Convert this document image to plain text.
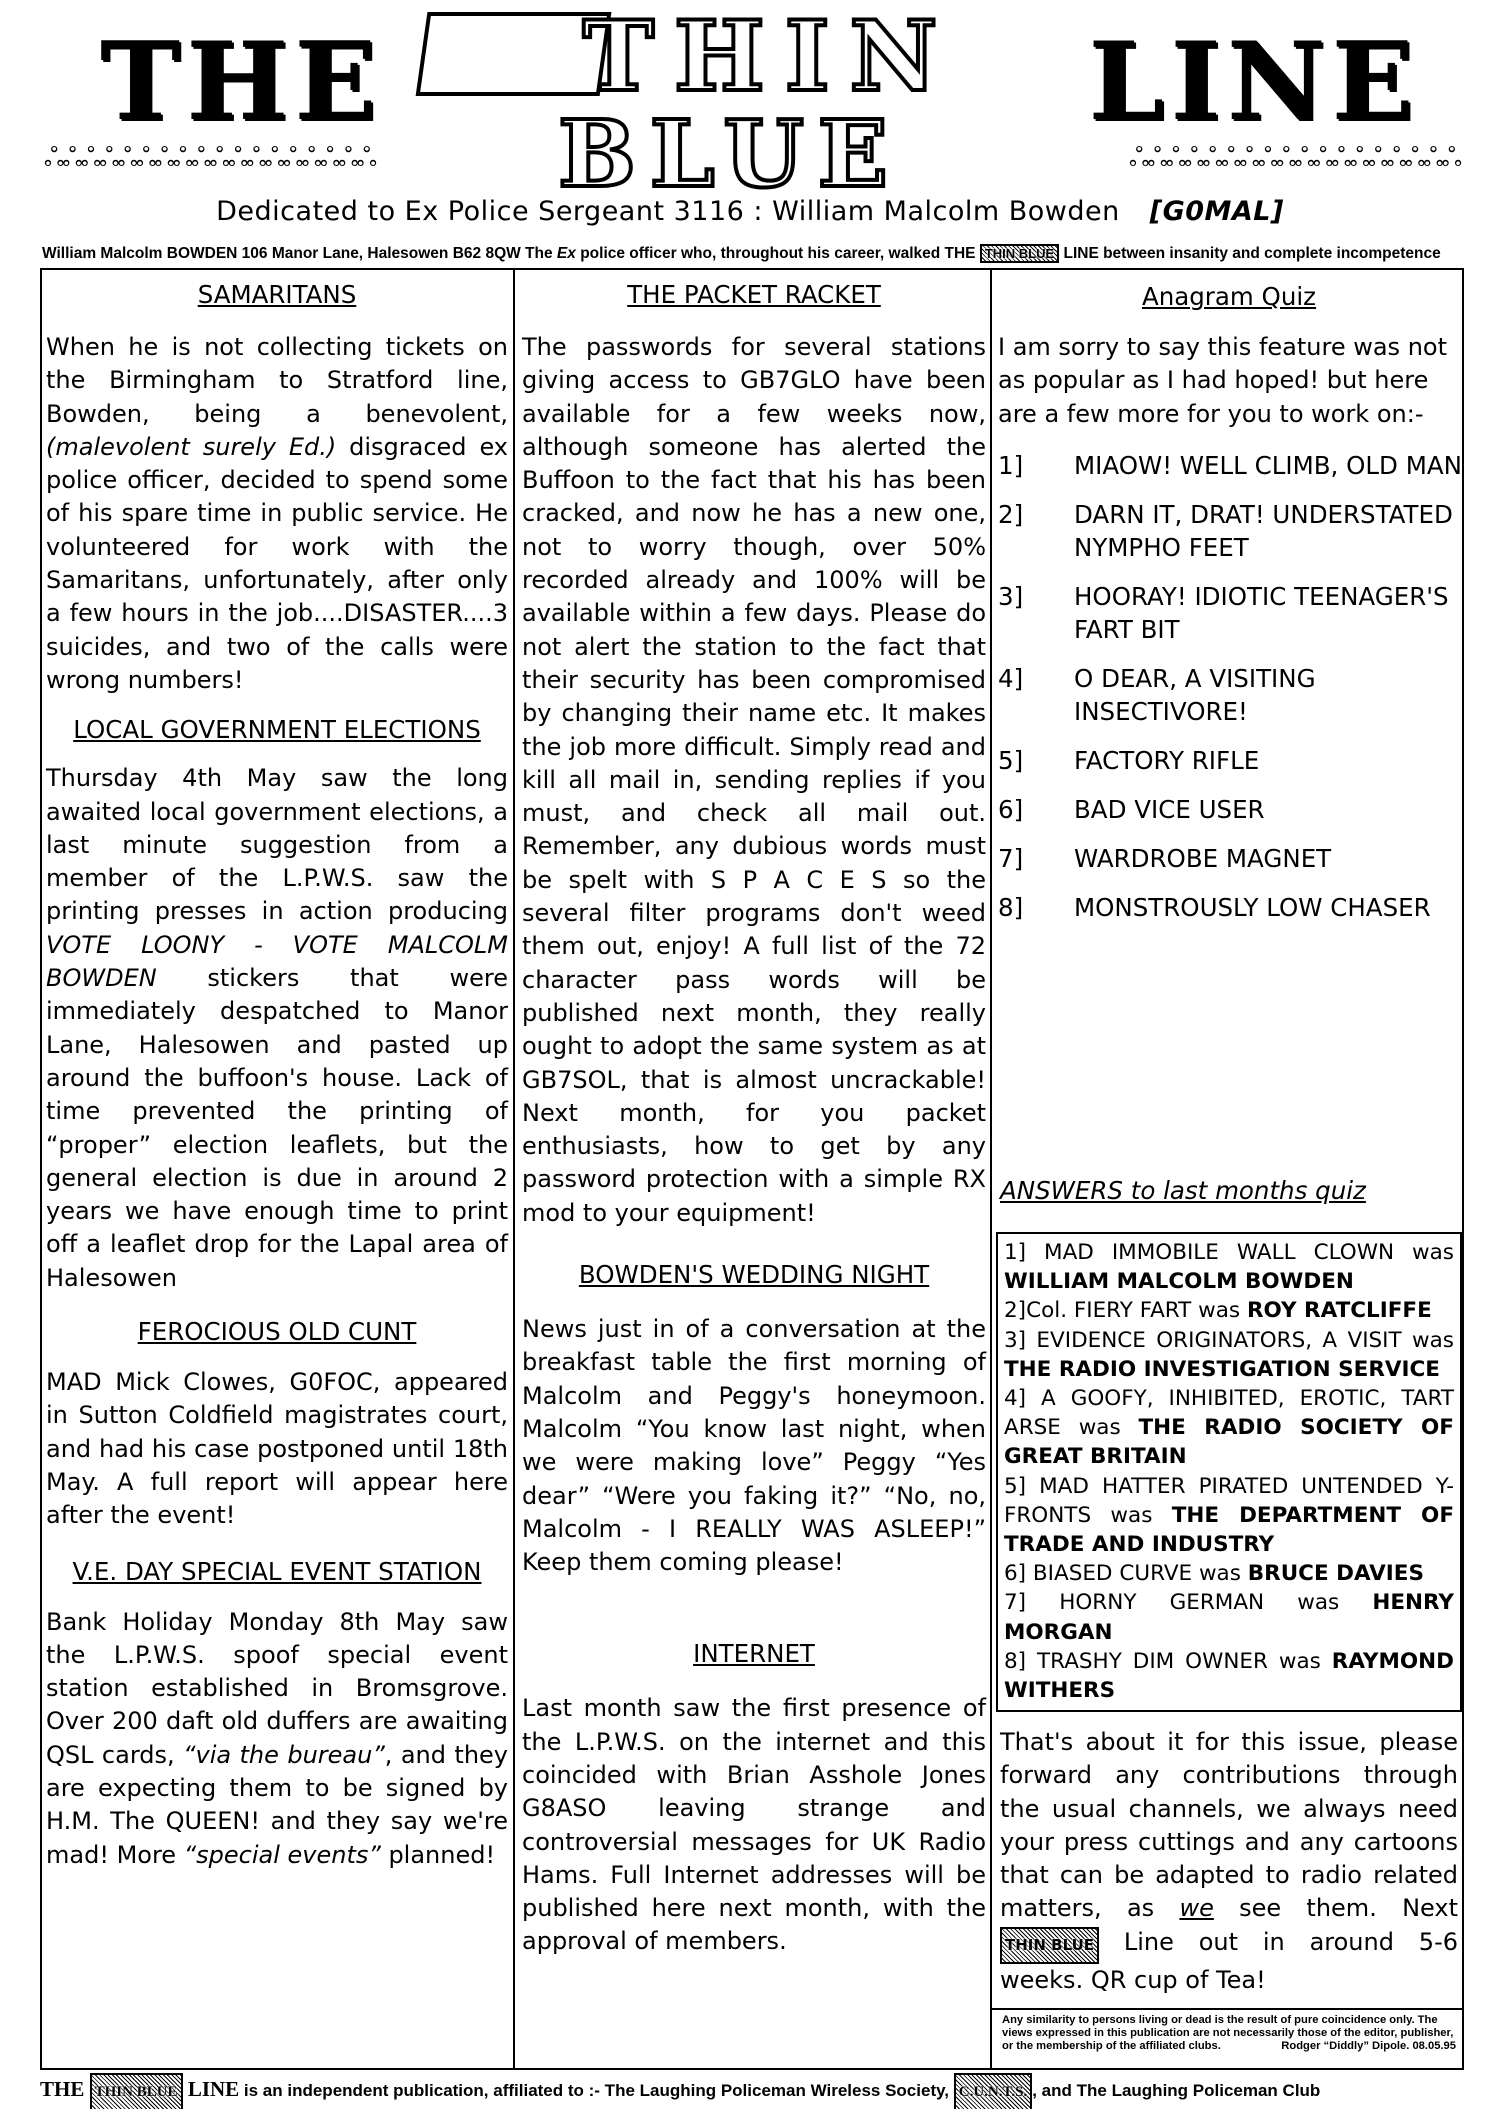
THE THIN
BLUE
LINE
ஃஃஃஃஃஃஃஃஃஃஃஃஃஃஃஃஃஃ	ஃஃஃஃஃஃஃஃஃஃஃஃஃஃஃஃஃஃ
Dedicated to Ex Police Sergeant 3116 : William Malcolm Bowden [G0MAL]
William Malcolm BOWDEN 106 Manor Lane, Halesowen B62 8QW The Ex police officer who, throughout his career, walked THE THIN BLUE LINE between insanity and complete incompetence
SAMARITANS

When he is not collecting tickets on the Birmingham to Stratford line, Bowden, being a benevolent, (malevolent surely Ed.) disgraced ex police officer, decided to spend some of his spare time in public service. He volunteered for work with the Samaritans, unfortunately, after only a few hours in the job....DISASTER....3 suicides, and two of the calls were wrong numbers!

LOCAL GOVERNMENT ELECTIONS

Thursday 4th May saw the long awaited local government elections, a last minute suggestion from a member of the L.P.W.S. saw the printing presses in action producing VOTE LOONY - VOTE MALCOLM BOWDEN stickers that were immediately despatched to Manor Lane, Halesowen and pasted up around the buffoon's house. Lack of time prevented the printing of “proper” election leaflets, but the general election is due in around 2 years we have enough time to print off a leaflet drop for the Lapal area of Halesowen

FEROCIOUS OLD CUNT

MAD Mick Clowes, G0FOC, appeared in Sutton Coldfield magistrates court, and had his case postponed until 18th May. A full report will appear here after the event!

V.E. DAY SPECIAL EVENT STATION

Bank Holiday Monday 8th May saw the L.P.W.S. spoof special event station established in Bromsgrove. Over 200 daft old duffers are awaiting QSL cards, “via the bureau”, and they are expecting them to be signed by H.M. The QUEEN! and they say we're mad! More “special events” planned!

THE PACKET RACKET

The passwords for several stations giving access to GB7GLO have been available for a few weeks now, although someone has alerted the Buffoon to the fact that his has been cracked, and now he has a new one, not to worry though, over 50% recorded already and 100% will be available within a few days. Please do not alert the station to the fact that their security has been compromised by changing their name etc. It makes the job more difficult. Simply read and kill all mail in, sending replies if you must, and check all mail out. Remember, any dubious words must be spelt with S P A C E S so the several filter programs don't weed them out, enjoy! A full list of the 72 character pass words will be published next month, they really ought to adopt the same system as at GB7SOL, that is almost uncrackable! Next month, for you packet enthusiasts, how to get by any password protection with a simple RX mod to your equipment!

BOWDEN'S WEDDING NIGHT

News just in of a conversation at the breakfast table the first morning of Malcolm and Peggy's honeymoon. Malcolm “You know last night, when we were making love” Peggy “Yes dear” “Were you faking it?” “No, no, Malcolm - I REALLY WAS ASLEEP!” Keep them coming please!

INTERNET

Last month saw the first presence of the L.P.W.S. on the internet and this coincided with Brian Asshole Jones G8ASO leaving strange and controversial messages for UK Radio Hams. Full Internet addresses will be published here next month, with the approval of members.

Anagram Quiz

I am sorry to say this feature was not as popular as I had hoped! but here are a few more for you to work on:-

1]	MIAOW! WELL CLIMB, OLD MAN
2]	DARN IT, DRAT! UNDERSTATED NYMPHO FEET
3]	HOORAY! IDIOTIC TEENAGER'S FART BIT
4]	O DEAR, A VISITING INSECTIVORE!
5]	FACTORY RIFLE
6]	BAD VICE USER
7]	WARDROBE MAGNET
8]	MONSTROUSLY LOW CHASER
ANSWERS to last months quiz
1] MAD IMMOBILE WALL CLOWN was WILLIAM MALCOLM BOWDEN
2]Col. FIERY FART was ROY RATCLIFFE
3] EVIDENCE ORIGINATORS, A VISIT was THE RADIO INVESTIGATION SERVICE
4] A GOOFY, INHIBITED, EROTIC, TART ARSE was THE RADIO SOCIETY OF GREAT BRITAIN
5] MAD HATTER PIRATED UNTENDED Y-FRONTS was THE DEPARTMENT OF TRADE AND INDUSTRY
6] BIASED CURVE was BRUCE DAVIES
7] HORNY GERMAN was HENRY MORGAN
8] TRASHY DIM OWNER was RAYMOND WITHERS

That's about it for this issue, please forward any contributions through the usual channels, we always need your press cuttings and any cartoons that can be adapted to radio related matters, as we see them. Next THIN BLUE Line out in around 5-6 weeks. QR cup of Tea!

Any similarity to persons living or dead is the result of pure coincidence only. The views expressed in this publication are not necessarily those of the editor, publisher, or the membership of the affiliated clubs.	Rodger “Diddly” Dipole. 08.05.95
THE THIN BLUE LINE is an independent publication, affiliated to :- The Laughing Policeman Wireless Society, C.U.N.T.S. , and The Laughing Policeman Club
